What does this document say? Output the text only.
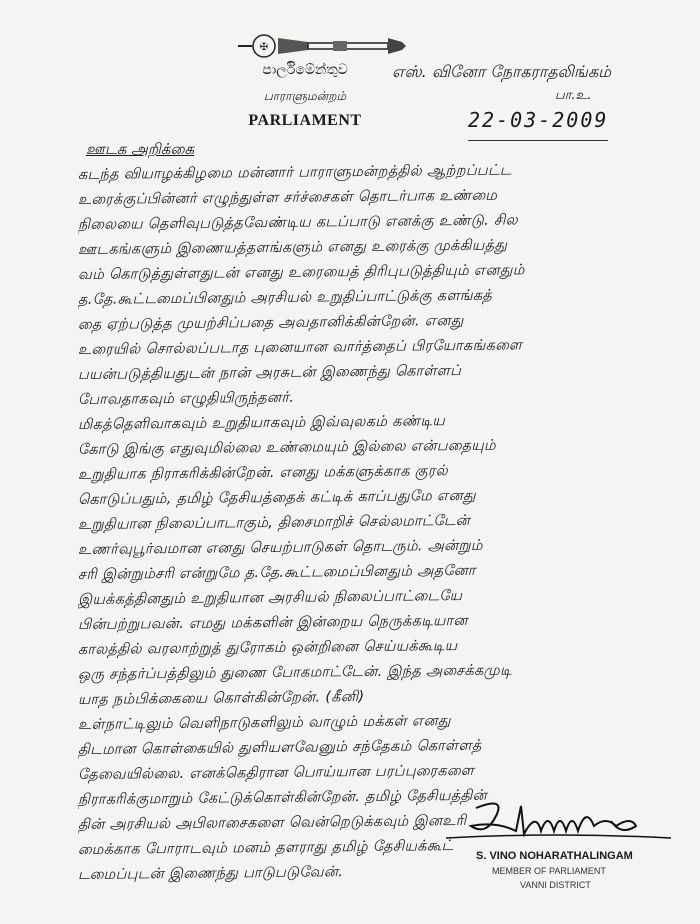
✠
පාර්ලිමේන්තුව
பாராளுமன்றம்
PARLIAMENT
எஸ். வினோ நோகராதலிங்கம்
பா.உ.
22-03-2009
ஊடக அறிக்கை
கடந்த வியாழக்கிழமை மன்னார் பாராளுமன்றத்தில் ஆற்றப்பட்ட
உரைக்குப்பின்னர் எழுந்துள்ள சர்ச்சைகள் தொடர்பாக உண்மை
நிலையை தெளிவுபடுத்தவேண்டிய கடப்பாடு எனக்கு உண்டு. சில
ஊடகங்களும் இணையத்தளங்களும் எனது உரைக்கு முக்கியத்து
வம் கொடுத்துள்ளதுடன் எனது உரையைத் திரிபுபடுத்தியும் எனதும்
த.தே.கூட்டமைப்பினதும் அரசியல் உறுதிப்பாட்டுக்கு களங்கத்
தை ஏற்படுத்த முயற்சிப்பதை அவதானிக்கின்றேன். எனது
உரையில் சொல்லப்படாத புனையான வார்த்தைப் பிரயோகங்களை
பயன்படுத்தியதுடன் நான் அரசுடன் இணைந்து கொள்ளப்
போவதாகவும் எழுதியிருந்தனர்.
மிகத்தெளிவாகவும் உறுதியாகவும் இவ்வுலகம் கண்டிய
கோடு இங்கு எதுவுமில்லை உண்மையும் இல்லை என்பதையும்
உறுதியாக நிராகரிக்கின்றேன். எனது மக்களுக்காக குரல்
கொடுப்பதும், தமிழ் தேசியத்தைக் கட்டிக் காப்பதுமே எனது
உறுதியான நிலைப்பாடாகும், திசைமாறிச் செல்லமாட்டேன்
உணர்வுபூர்வமான எனது செயற்பாடுகள் தொடரும். அன்றும்
சரி இன்றும்சரி என்றுமே த.தே.கூட்டமைப்பினதும் அதனோ
இயக்கத்தினதும் உறுதியான அரசியல் நிலைப்பாட்டையே
பின்பற்றுபவன். எமது மக்களின் இன்றைய நெருக்கடியான
காலத்தில் வரலாற்றுத் துரோகம் ஒன்றினை செய்யக்கூடிய
ஒரு சந்தர்ப்பத்திலும் துணை போகமாட்டேன். இந்த அசைக்கமுடி
யாத நம்பிக்கையை கொள்கின்றேன். (கீனி)
உள்நாட்டிலும் வெளிநாடுகளிலும் வாழும் மக்கள் எனது
திடமான கொள்கையில் துளியளவேனும் சந்தேகம் கொள்ளத்
தேவையில்லை. எனக்கெதிரான பொய்யான பரப்புரைகளை
நிராகரிக்குமாறும் கேட்டுக்கொள்கின்றேன். தமிழ் தேசியத்தின்
தின் அரசியல் அபிலாசைகளை வென்றெடுக்கவும் இனஉரி
மைக்காக போராடவும் மனம் தளராது தமிழ் தேசியக்கூட்
டமைப்புடன் இணைந்து பாடுபடுவேன்.
S. VINO NOHARATHALINGAM
MEMBER OF PARLIAMENT
VANNI DISTRICT
